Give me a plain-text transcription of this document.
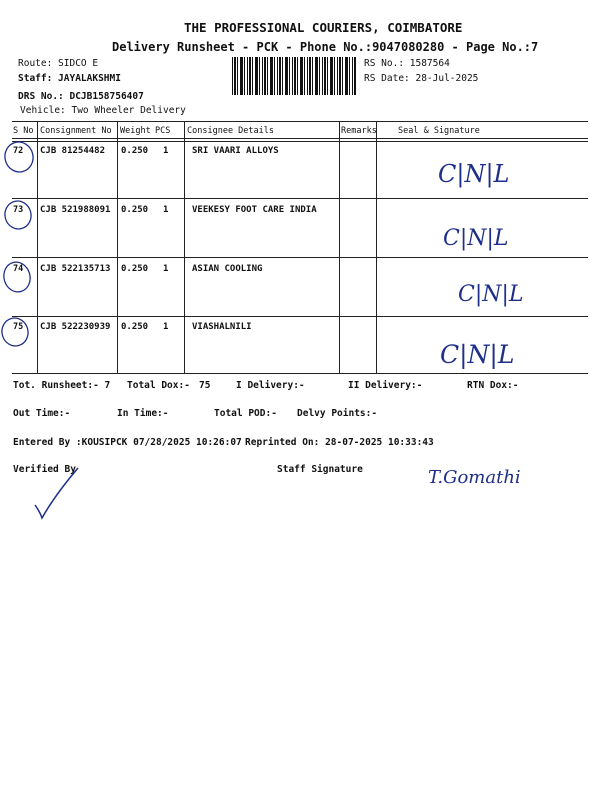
THE PROFESSIONAL COURIERS, COIMBATORE
Delivery Runsheet - PCK - Phone No.:9047080280 - Page No.:7
Route: SIDCO E
Staff: JAYALAKSHMI
DRS No.: DCJB158756407
Vehicle: Two Wheeler Delivery
RS No.: 1587564
RS Date: 28-Jul-2025
S No Consignment No Weight PCS Consignee Details	Remarks Seal & Signature
72 CJB 81254482 0.250 1	SRI VAARI ALLOYS
C|N|L
73 CJB 521988091 0.250 1	VEEKESY FOOT CARE INDIA
C|N|L
74 CJB 522135713 0.250 1	ASIAN COOLING
C|N|L
75 CJB 522230939 0.250 1	VIASHALNILI
C|N|L
Tot. Runsheet:- 7 Total Dox:- 75	I Delivery:-	II Delivery:-	RTN Dox:-
Out Time:-	In Time:-	Total POD:- Delvy Points:-
Entered By :KOUSIPCK 07/28/2025 10:26:07 Reprinted On: 28-07-2025 10:33:43
Verified By	Staff Signature	T.Gomathi
